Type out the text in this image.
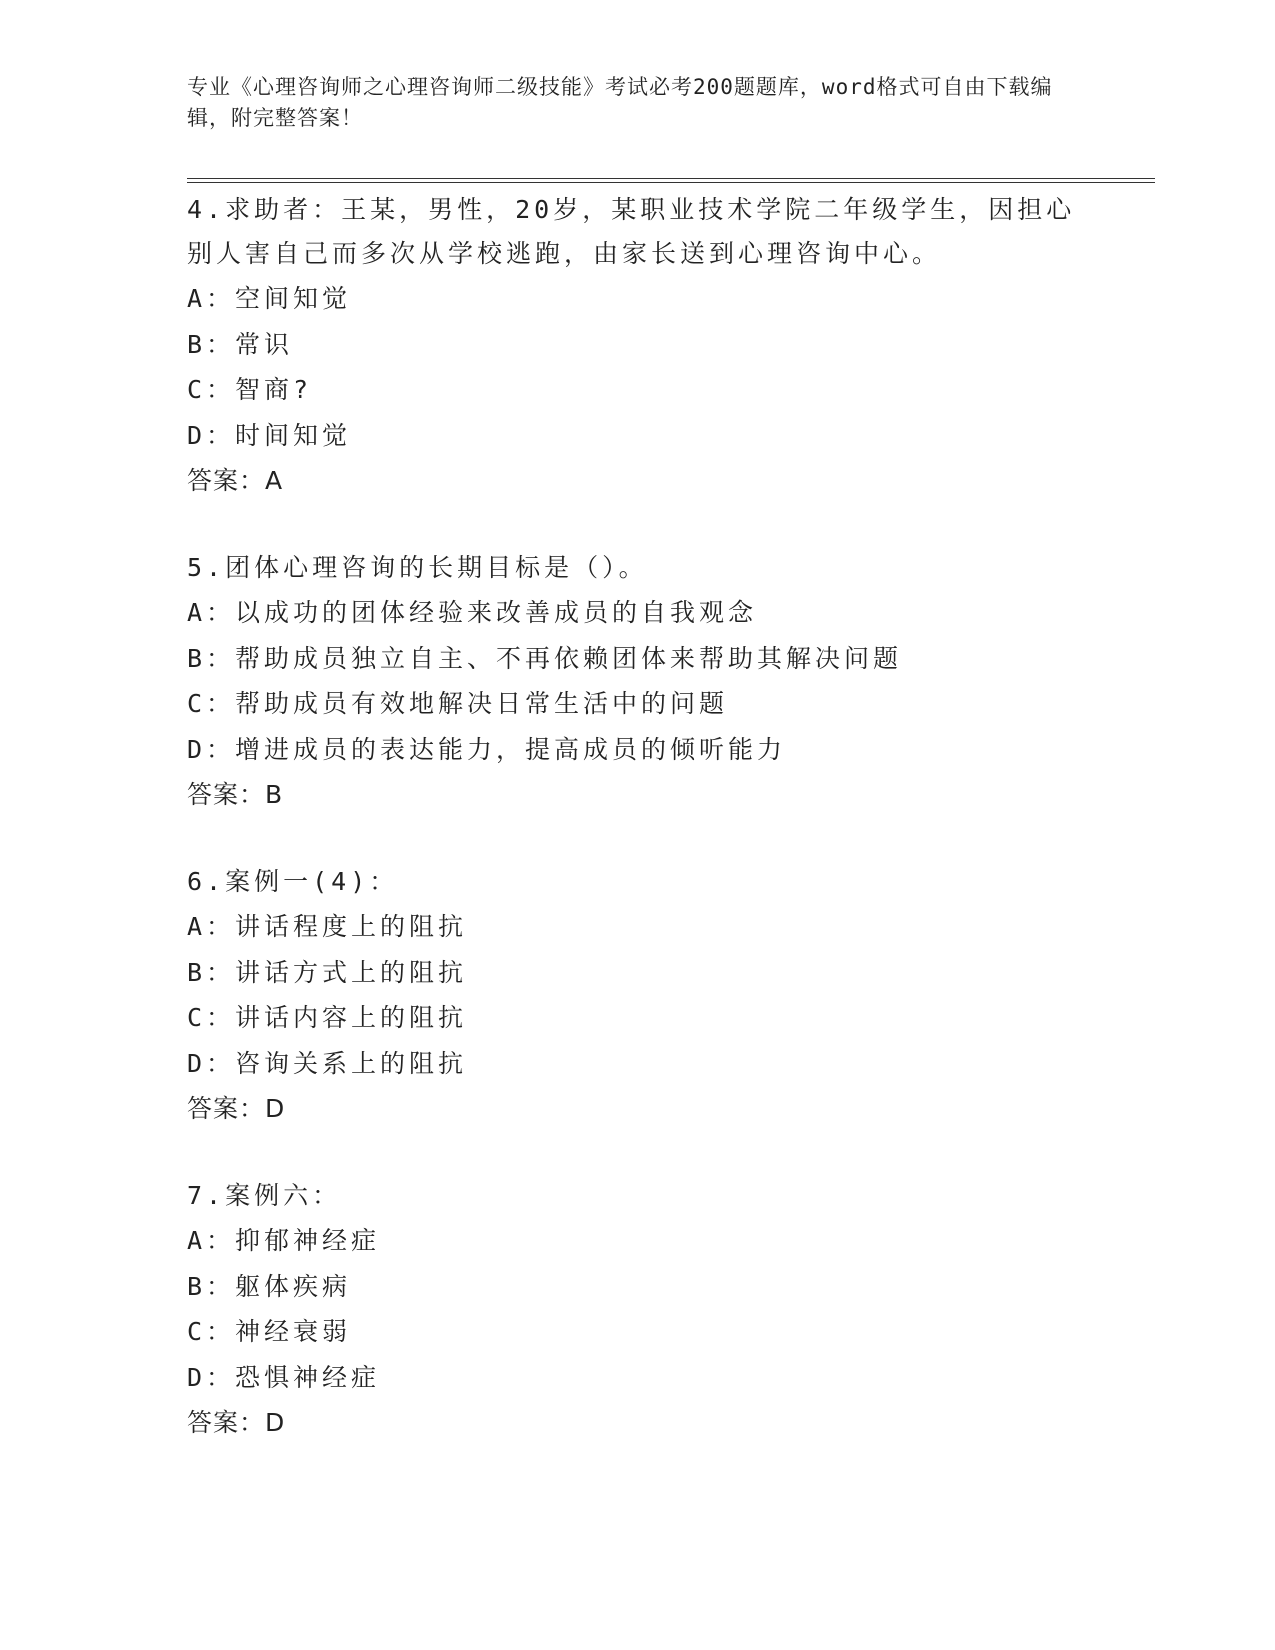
专业《心理咨询师之心理咨询师二级技能》考试必考200题题库，word格式可自由下载编辑，附完整答案！
4.求助者：王某，男性，20岁，某职业技术学院二年级学生，因担心别人害自己而多次从学校逃跑，由家长送到心理咨询中心。
A：空间知觉
B：常识
C：智商?
D：时间知觉
答案：A
5.团体心理咨询的长期目标是（）。
A：以成功的团体经验来改善成员的自我观念
B：帮助成员独立自主、不再依赖团体来帮助其解决问题
C：帮助成员有效地解决日常生活中的问题
D：增进成员的表达能力，提高成员的倾听能力
答案：B
6.案例一(4)：
A：讲话程度上的阻抗
B：讲话方式上的阻抗
C：讲话内容上的阻抗
D：咨询关系上的阻抗
答案：D
7.案例六：
A：抑郁神经症
B：躯体疾病
C：神经衰弱
D：恐惧神经症
答案：D
